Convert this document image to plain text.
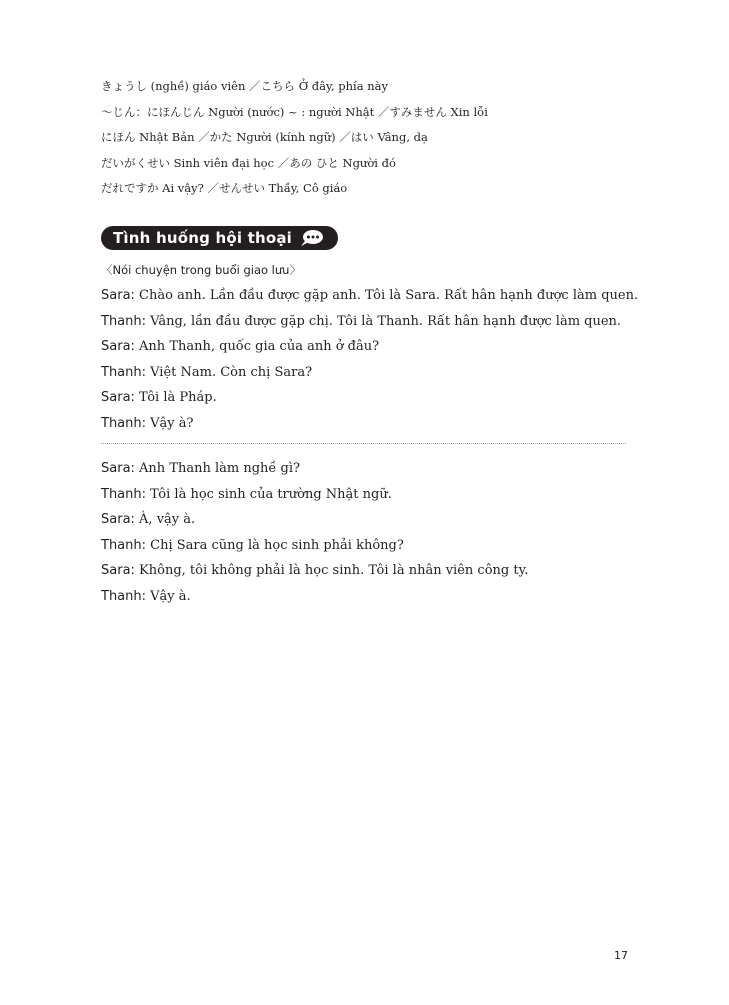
きょうし (nghề) giáo viên ／こちら Ở đây, phía này
～じん：にほんじん Người (nước) ~ : người Nhật ／すみません Xin lỗi
にほん Nhật Bản ／かた Người (kính ngữ) ／はい Vâng, dạ
だいがくせい Sinh viên đại học ／あの ひと Người đó
だれですか Ai vậy? ／せんせい Thầy, Cô giáo
Tình huống hội thoại
〈Nói chuyện trong buổi giao lưu〉
Sara: Chào anh. Lần đầu được gặp anh. Tôi là Sara. Rất hân hạnh được làm quen.
Thanh: Vâng, lần đầu được gặp chị. Tôi là Thanh. Rất hân hạnh được làm quen.
Sara: Anh Thanh, quốc gia của anh ở đâu?
Thanh: Việt Nam. Còn chị Sara?
Sara: Tôi là Pháp.
Thanh: Vậy à?
Sara: Anh Thanh làm nghề gì?
Thanh: Tôi là học sinh của trường Nhật ngữ.
Sara: À, vậy à.
Thanh: Chị Sara cũng là học sinh phải không?
Sara: Không, tôi không phải là học sinh. Tôi là nhân viên công ty.
Thanh: Vậy à.
17
